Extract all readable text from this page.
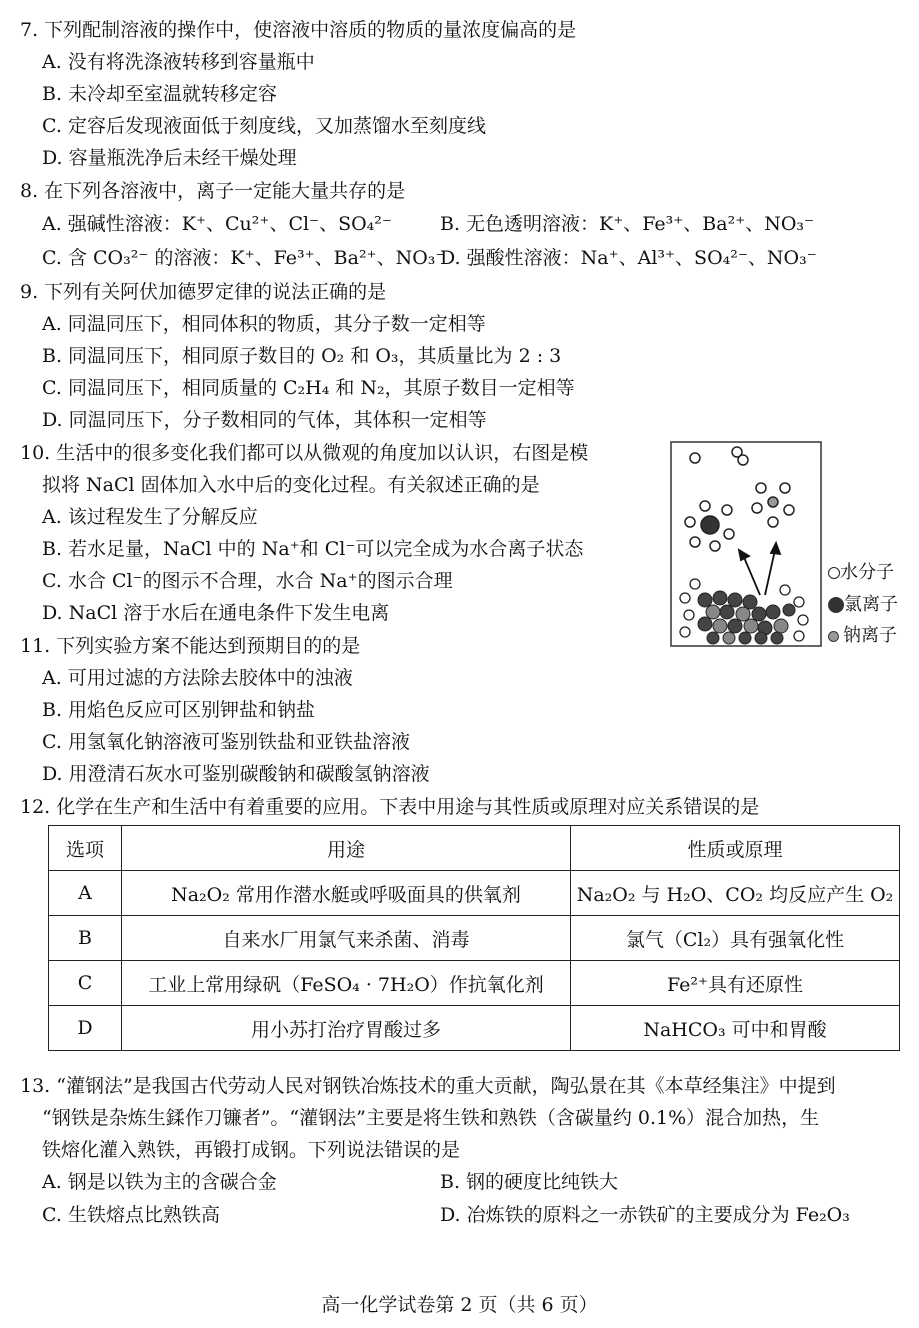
7. 下列配制溶液的操作中，使溶液中溶质的物质的量浓度偏高的是
A. 没有将洗涤液转移到容量瓶中
B. 未冷却至室温就转移定容
C. 定容后发现液面低于刻度线，又加蒸馏水至刻度线
D. 容量瓶洗净后未经干燥处理
8. 在下列各溶液中，离子一定能大量共存的是
A. 强碱性溶液：K⁺、Cu²⁺、Cl⁻、SO₄²⁻	B. 无色透明溶液：K⁺、Fe³⁺、Ba²⁺、NO₃⁻
C. 含 CO₃²⁻ 的溶液：K⁺、Fe³⁺、Ba²⁺、NO₃⁻
D. 强酸性溶液：Na⁺、Al³⁺、SO₄²⁻、NO₃⁻
9. 下列有关阿伏加德罗定律的说法正确的是
A. 同温同压下，相同体积的物质，其分子数一定相等
B. 同温同压下，相同原子数目的 O₂ 和 O₃，其质量比为 2 : 3
C. 同温同压下，相同质量的 C₂H₄ 和 N₂，其原子数目一定相等
D. 同温同压下，分子数相同的气体，其体积一定相等
10. 生活中的很多变化我们都可以从微观的角度加以认识，右图是模
拟将 NaCl 固体加入水中后的变化过程。有关叙述正确的是
A. 该过程发生了分解反应
B. 若水足量，NaCl 中的 Na⁺和 Cl⁻可以完全成为水合离子状态
C. 水合 Cl⁻的图示不合理，水合 Na⁺的图示合理
D. NaCl 溶于水后在通电条件下发生电离
水分子
氯离子
钠离子
11. 下列实验方案不能达到预期目的的是
A. 可用过滤的方法除去胶体中的浊液
B. 用焰色反应可区别钾盐和钠盐
C. 用氢氧化钠溶液可鉴别铁盐和亚铁盐溶液
D. 用澄清石灰水可鉴别碳酸钠和碳酸氢钠溶液
12. 化学在生产和生活中有着重要的应用。下表中用途与其性质或原理对应关系错误的是
选项	用途	性质或原理
A	Na₂O₂ 常用作潜水艇或呼吸面具的供氧剂	Na₂O₂ 与 H₂O、CO₂ 均反应产生 O₂
B	自来水厂用氯气来杀菌、消毒	氯气（Cl₂）具有强氧化性
C	工业上常用绿矾（FeSO₄ · 7H₂O）作抗氧化剂	Fe²⁺具有还原性
D	用小苏打治疗胃酸过多	NaHCO₃ 可中和胃酸
13. “灌钢法”是我国古代劳动人民对钢铁冶炼技术的重大贡献，陶弘景在其《本草经集注》中提到
“钢铁是杂炼生鍒作刀镰者”。“灌钢法”主要是将生铁和熟铁（含碳量约 0.1%）混合加热，生
铁熔化灌入熟铁，再锻打成钢。下列说法错误的是
A. 钢是以铁为主的含碳合金	B. 钢的硬度比纯铁大
C. 生铁熔点比熟铁高	D. 冶炼铁的原料之一赤铁矿的主要成分为 Fe₂O₃
高一化学试卷第 2 页（共 6 页）
